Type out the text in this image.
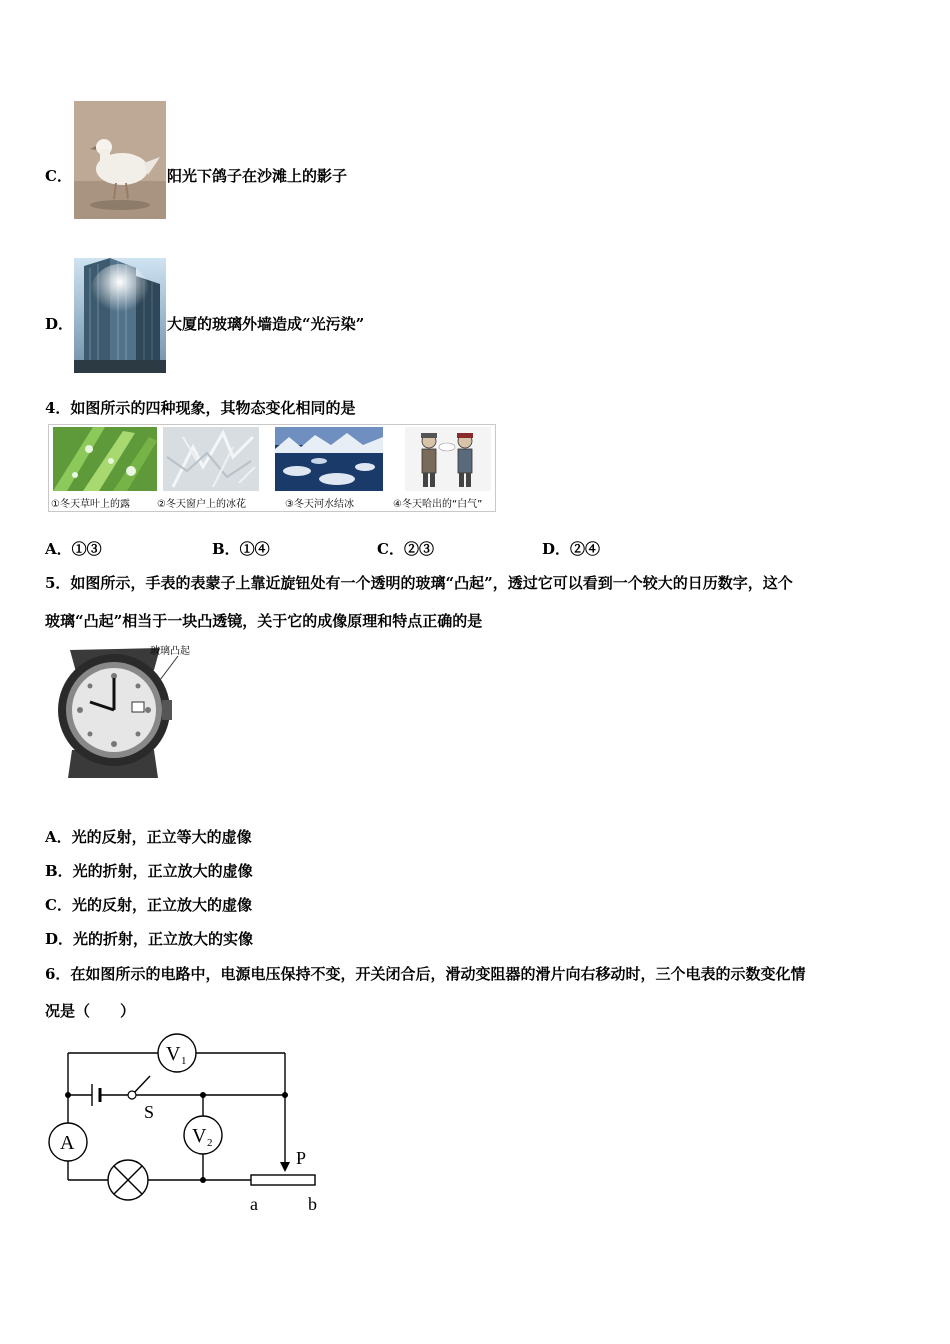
C．	阳光下鸽子在沙滩上的影子
D．	大厦的玻璃外墙造成“光污染”
4．如图所示的四种现象，其物态变化相同的是
①冬天草叶上的露	②冬天窗户上的冰花	③冬天河水结冰	④冬天哈出的“白气”
A．①③	B．①④	C．②③	D．②④
5．如图所示，手表的表蒙子上靠近旋钮处有一个透明的玻璃“凸起”，透过它可以看到一个较大的日历数字，这个
玻璃“凸起”相当于一块凸透镜，关于它的成像原理和特点正确的是
玻璃凸起
A．光的反射，正立等大的虚像
B．光的折射，正立放大的虚像
C．光的反射，正立放大的虚像
D．光的折射，正立放大的实像
6．在如图所示的电路中，电源电压保持不变，开关闭合后，滑动变阻器的滑片向右移动时，三个电表的示数变化情
况是（　　）
V 1
V 2
A
S
P
a	b
